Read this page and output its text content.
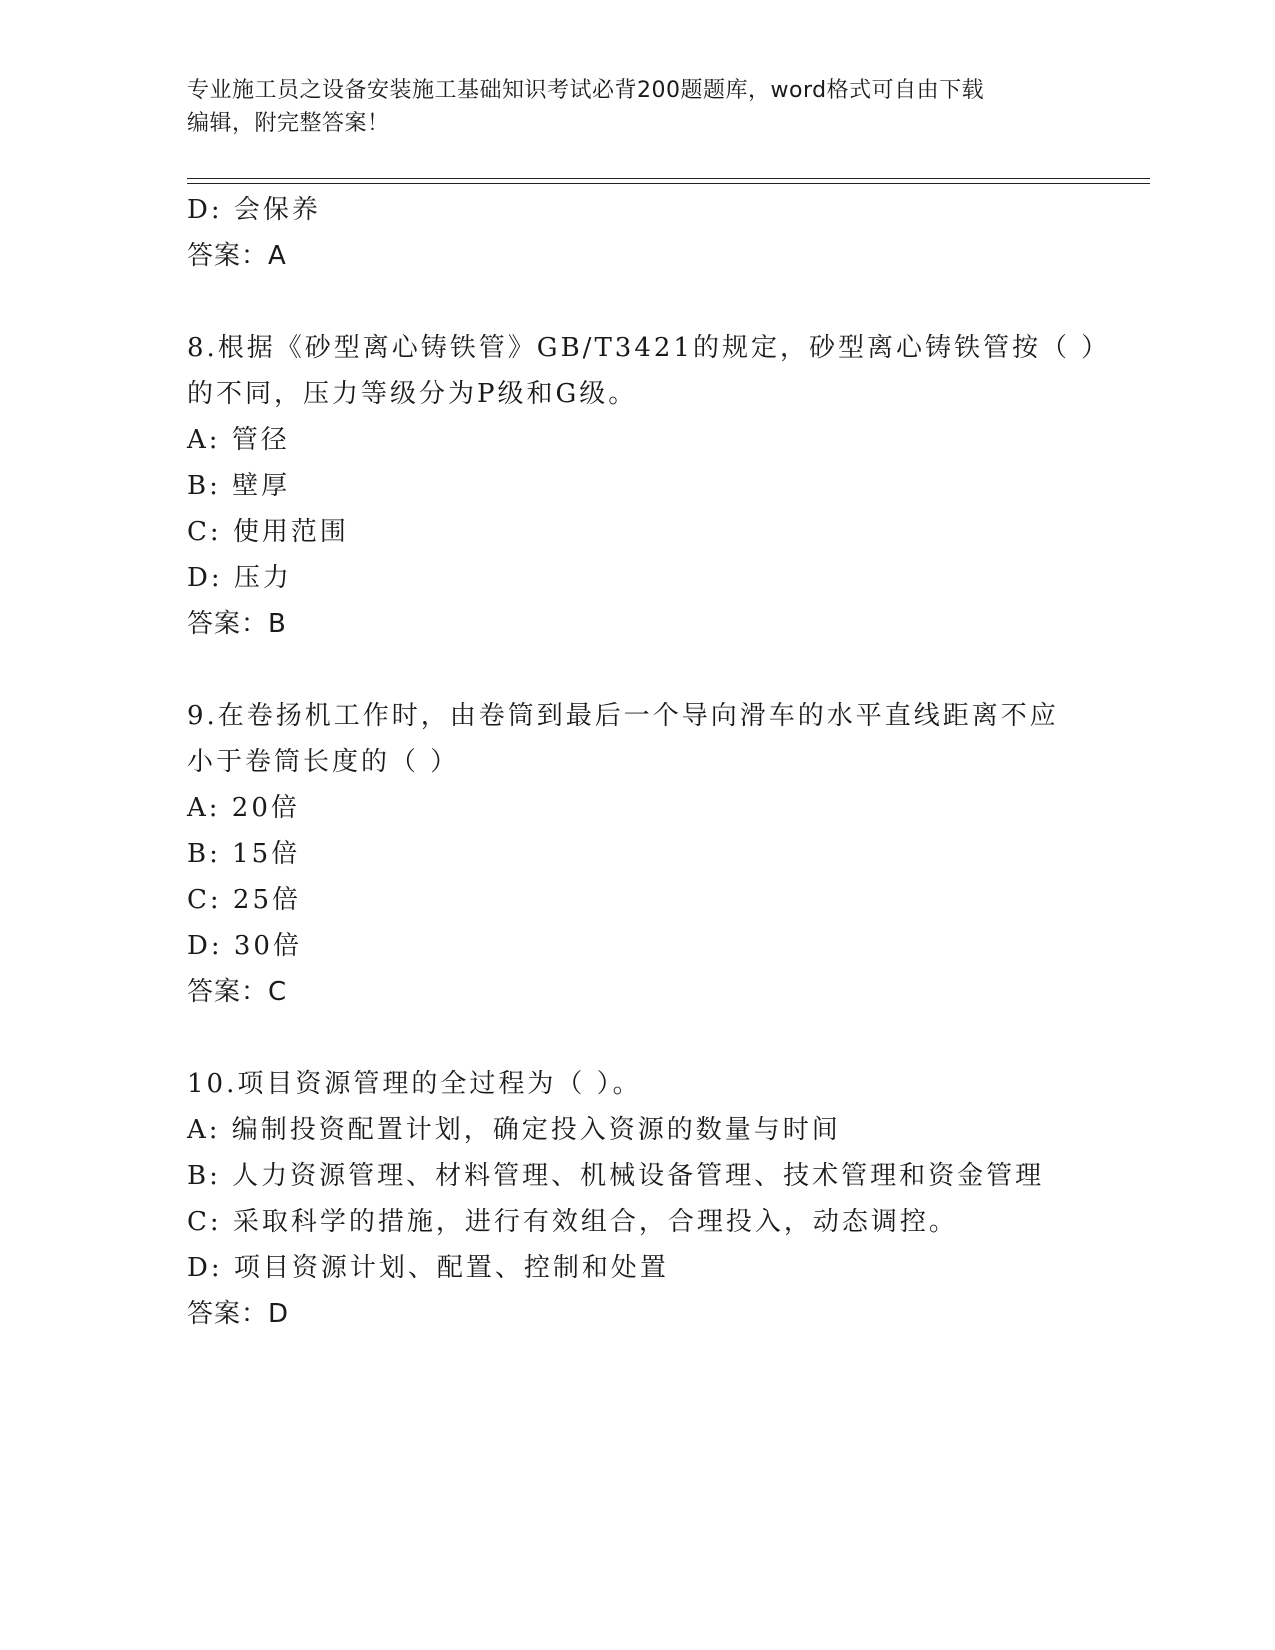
专业施工员之设备安装施工基础知识考试必背200题题库，word格式可自由下载
编辑，附完整答案！
D: 会保养
答案：A
8.根据《砂型离心铸铁管》GB/T3421的规定，砂型离心铸铁管按（ ）
的不同，压力等级分为P级和G级。
A: 管径
B: 壁厚
C: 使用范围
D: 压力
答案：B
9.在卷扬机工作时，由卷筒到最后一个导向滑车的水平直线距离不应
小于卷筒长度的（ ）
A: 20倍
B: 15倍
C: 25倍
D: 30倍
答案：C
10.项目资源管理的全过程为（ ）。
A: 编制投资配置计划，确定投入资源的数量与时间
B: 人力资源管理、材料管理、机械设备管理、技术管理和资金管理
C: 采取科学的措施，进行有效组合，合理投入，动态调控。
D: 项目资源计划、配置、控制和处置
答案：D
